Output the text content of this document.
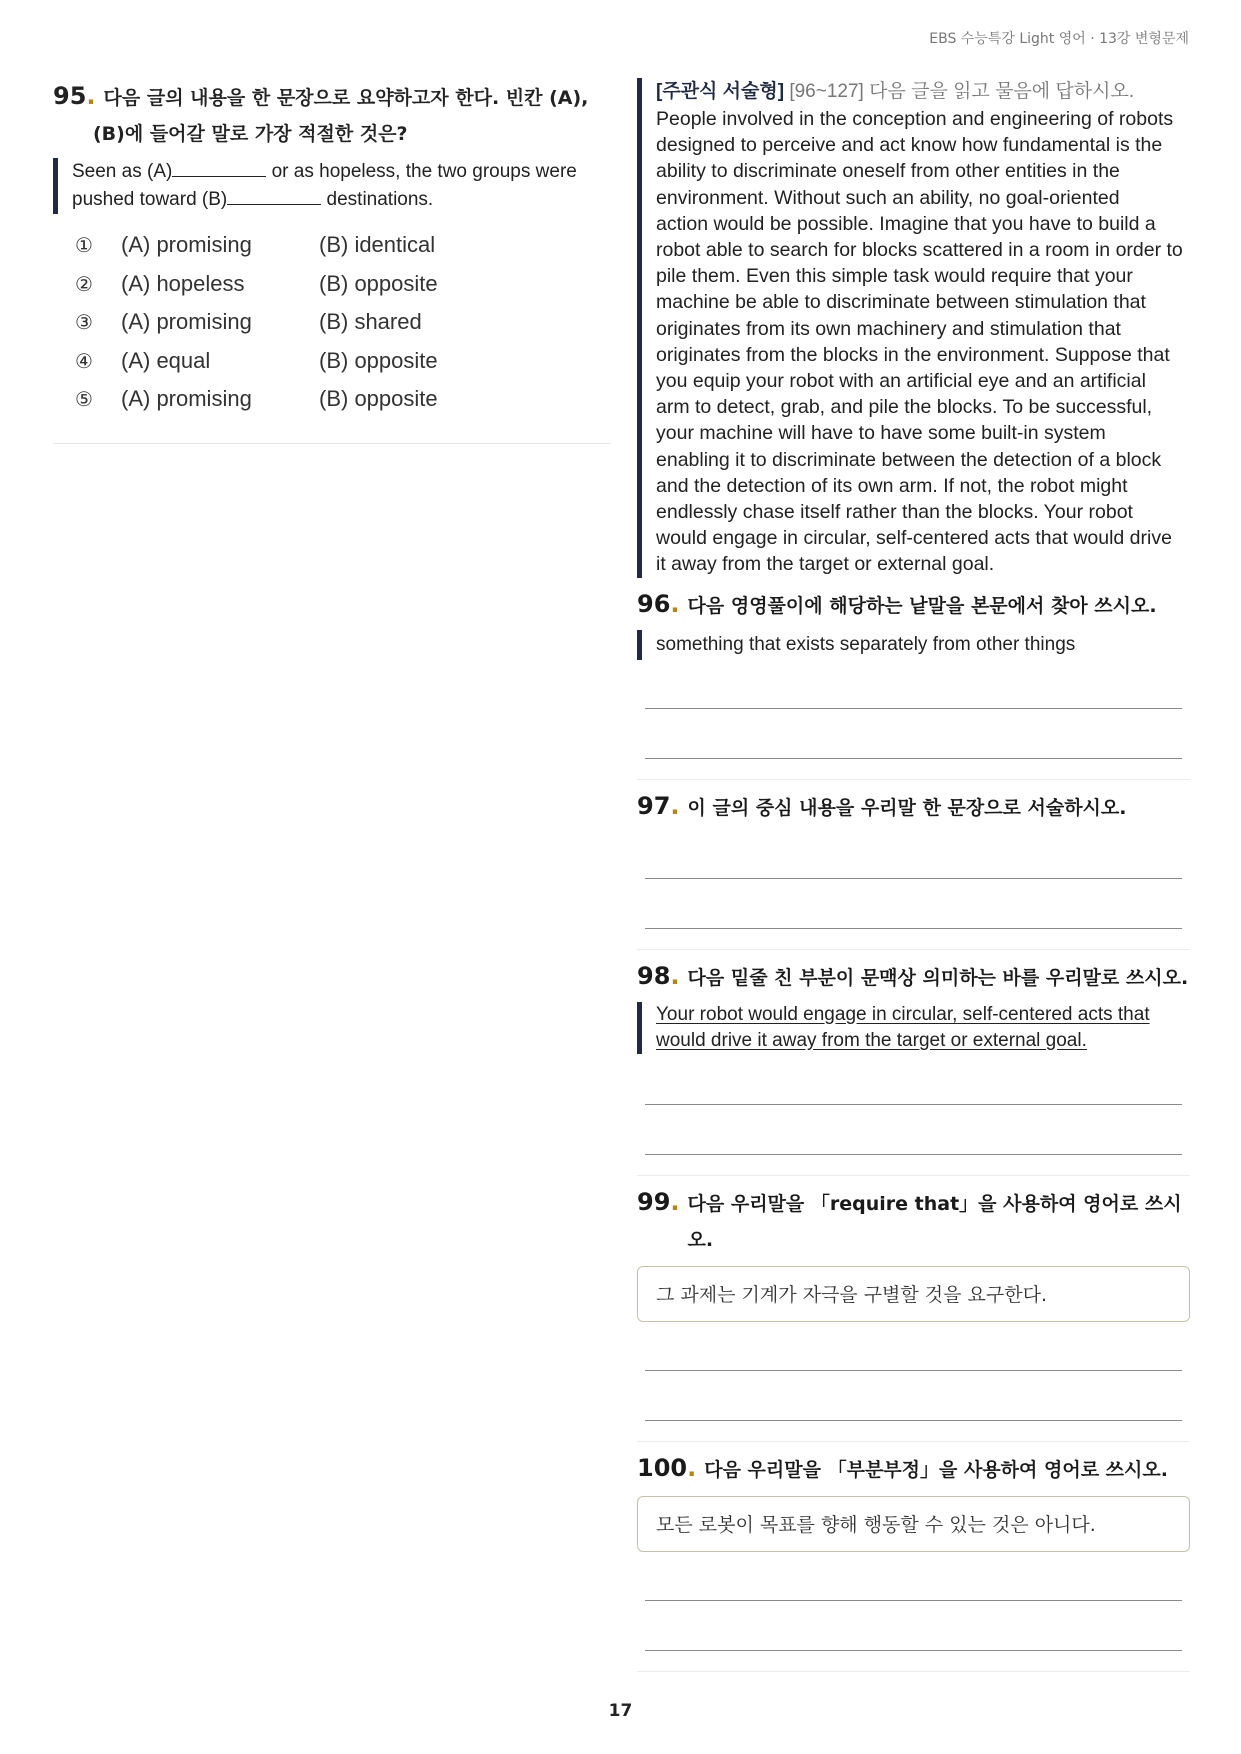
EBS 수능특강 Light 영어 · 13강 변형문제
95. 다음 글의 내용을 한 문장으로 요약하고자 한다. 빈칸 (A),
(B)에 들어갈 말로 가장 적절한 것은?
Seen as (A)	or as hopeless, the two groups were
pushed toward (B)	destinations.
①	(A) promising	(B) identical
②	(A) hopeless	(B) opposite
③	(A) promising	(B) shared
④	(A) equal	(B) opposite
⑤	(A) promising	(B) opposite
[주관식 서술형] [96~127] 다음 글을 읽고 물음에 답하시오.
People involved in the conception and engineering of robots
designed to perceive and act know how fundamental is the
ability to discriminate oneself from other entities in the
environment. Without such an ability, no goal-oriented
action would be possible. Imagine that you have to build a
robot able to search for blocks scattered in a room in order to
pile them. Even this simple task would require that your
machine be able to discriminate between stimulation that
originates from its own machinery and stimulation that
originates from the blocks in the environment. Suppose that
you equip your robot with an artificial eye and an artificial
arm to detect, grab, and pile the blocks. To be successful,
your machine will have to have some built-in system
enabling it to discriminate between the detection of a block
and the detection of its own arm. If not, the robot might
endlessly chase itself rather than the blocks. Your robot
would engage in circular, self-centered acts that would drive
it away from the target or external goal.
96 . 다음 영영풀이에 해당하는 낱말을 본문에서 찾아 쓰시오.
something that exists separately from other things
97 . 이 글의 중심 내용을 우리말 한 문장으로 서술하시오.
98 . 다음 밑줄 친 부분이 문맥상 의미하는 바를 우리말로 쓰시오.
Your robot would engage in circular, self-centered acts that
would drive it away from the target or external goal.
99 . 다음 우리말을 「require that」을 사용하여 영어로 쓰시오.
그 과제는 기계가 자극을 구별할 것을 요구한다.
100 . 다음 우리말을 「부분부정」을 사용하여 영어로 쓰시오.
모든 로봇이 목표를 향해 행동할 수 있는 것은 아니다.
17
